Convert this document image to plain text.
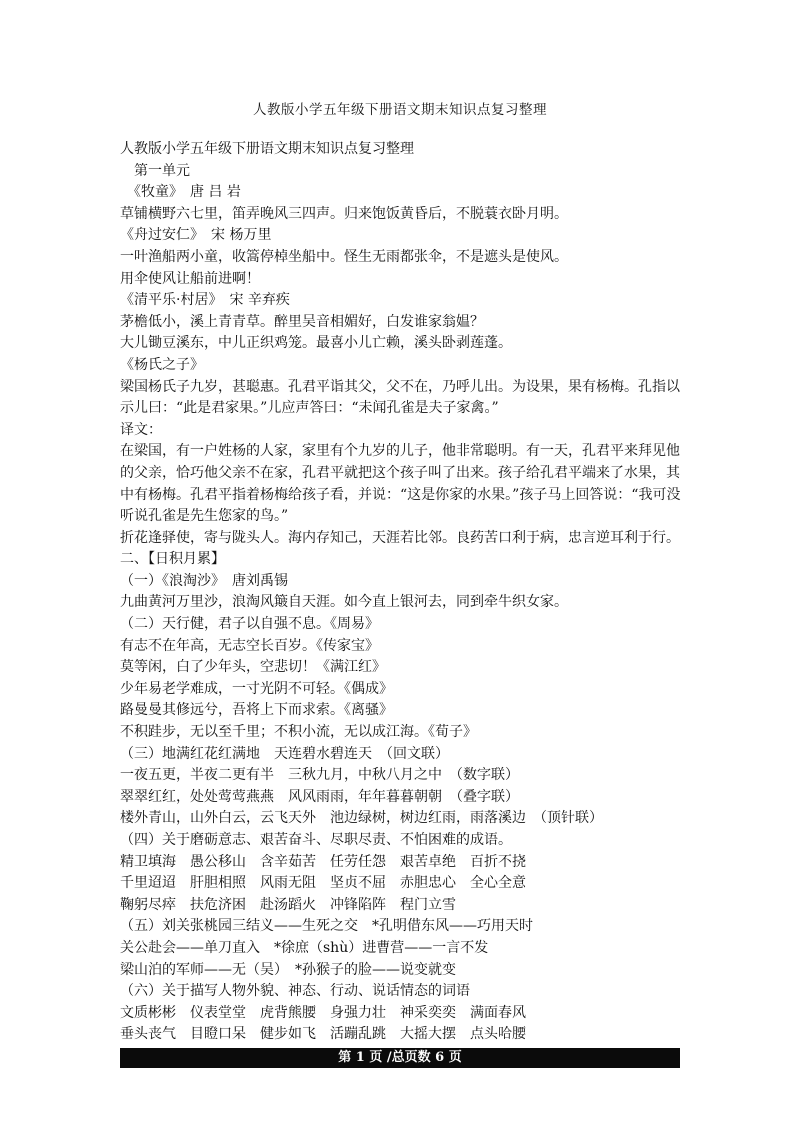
人教版小学五年级下册语文期末知识点复习整理
人教版小学五年级下册语文期末知识点复习整理
　第一单元
　《牧童》　唐 吕 岩
草铺横野六七里，笛弄晚风三四声。归来饱饭黄昏后，不脱蓑衣卧月明。
《舟过安仁》　宋 杨万里
一叶渔船两小童，收篙停棹坐船中。怪生无雨都张伞，不是遮头是使风。
用伞使风让船前进啊！
《清平乐·村居》　宋 辛弃疾
茅檐低小，溪上青青草。醉里吴音相媚好，白发谁家翁媪？
大儿锄豆溪东，中儿正织鸡笼。最喜小儿亡赖，溪头卧剥莲蓬。
《杨氏之子》
梁国杨氏子九岁，甚聪惠。孔君平诣其父，父不在，乃呼儿出。为设果，果有杨梅。孔指以示儿曰：“此是君家果。”儿应声答曰：“未闻孔雀是夫子家禽。”
译文：
在梁国，有一户姓杨的人家，家里有个九岁的儿子，他非常聪明。有一天，孔君平来拜见他的父亲，恰巧他父亲不在家，孔君平就把这个孩子叫了出来。孩子给孔君平端来了水果，其中有杨梅。孔君平指着杨梅给孩子看，并说：“这是你家的水果。”孩子马上回答说：“我可没听说孔雀是先生您家的鸟。”
折花逢驿使，寄与陇头人。海内存知己，天涯若比邻。良药苦口利于病，忠言逆耳利于行。
二、【日积月累】
（一）《浪淘沙》　唐刘禹锡
九曲黄河万里沙，浪淘风簸自天涯。如今直上银河去，同到牵牛织女家。
（二）天行健，君子以自强不息。《周易》
有志不在年高，无志空长百岁。《传家宝》
莫等闲，白了少年头，空悲切！《满江红》
少年易老学难成，一寸光阴不可轻。《偶成》
路曼曼其修远兮，吾将上下而求索。《离骚》
不积跬步，无以至千里；不积小流，无以成江海。《荀子》
（三）地满红花红满地　天连碧水碧连天　（回文联）
一夜五更，半夜二更有半　三秋九月，中秋八月之中　（数字联）
翠翠红红，处处莺莺燕燕　风风雨雨，年年暮暮朝朝　（叠字联）
楼外青山，山外白云，云飞天外　池边绿树，树边红雨，雨落溪边　（顶针联）
（四）关于磨砺意志、艰苦奋斗、尽职尽责、不怕困难的成语。
精卫填海　愚公移山　含辛茹苦　任劳任怨　艰苦卓绝　百折不挠
千里迢迢　肝胆相照　风雨无阻　坚贞不屈　赤胆忠心　全心全意
鞠躬尽瘁　扶危济困　赴汤蹈火　冲锋陷阵　程门立雪
（五）刘关张桃园三结义——生死之交　*孔明借东风——巧用天时
关公赴会——单刀直入　*徐庶（shù）进曹营——一言不发
梁山泊的军师——无（吴）　*孙猴子的脸——说变就变
（六）关于描写人物外貌、神态、行动、说话情态的词语
文质彬彬　仪表堂堂　虎背熊腰　身强力壮　神采奕奕　满面春风
垂头丧气　目瞪口呆　健步如飞　活蹦乱跳　大摇大摆　点头哈腰
第 1 页 /总页数 6 页
